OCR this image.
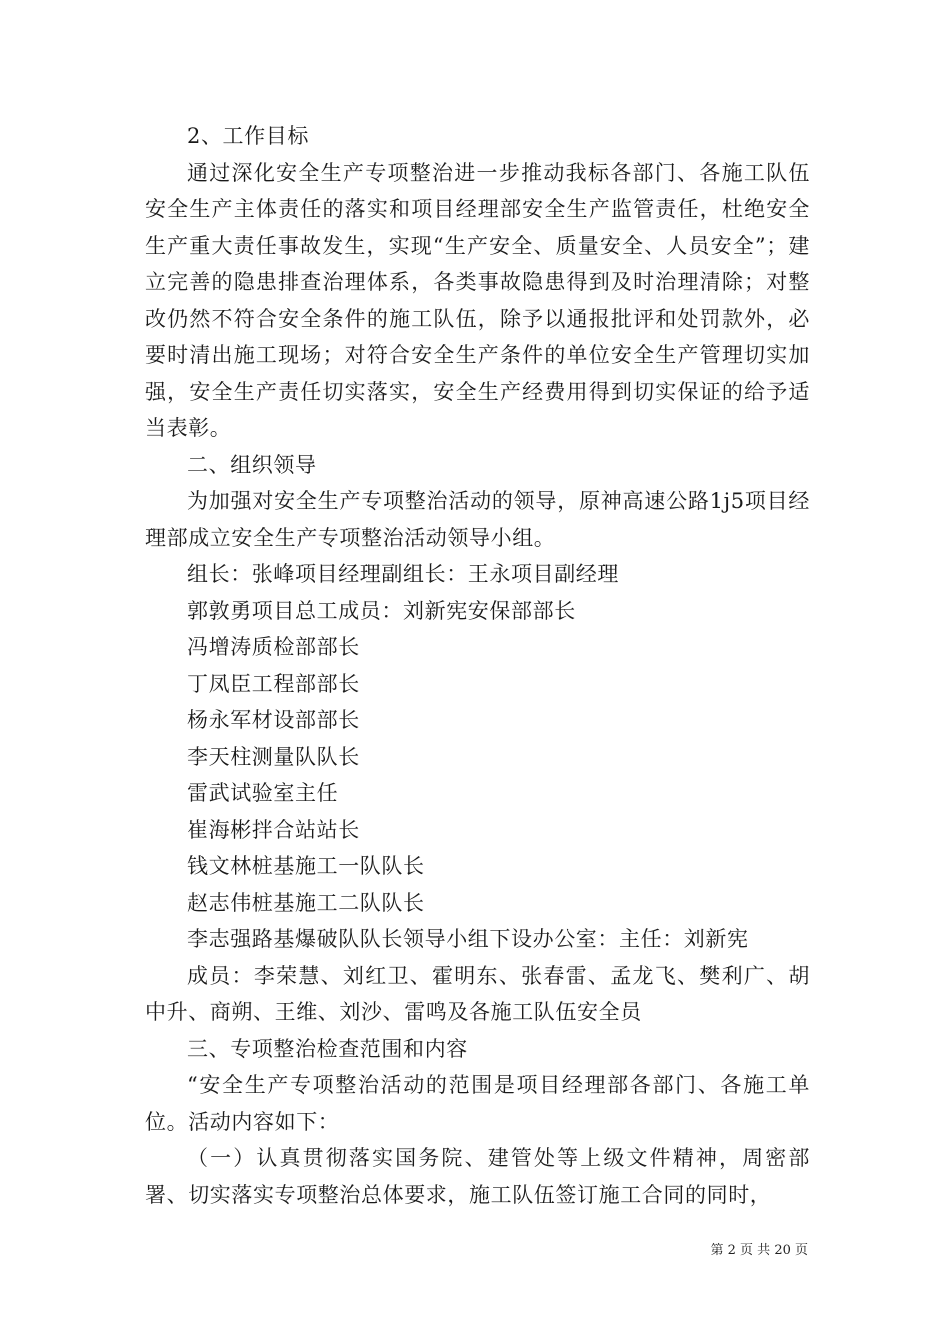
2、工作目标

通过深化安全生产专项整治进一步推动我标各部门、各施工队伍安全生产主体责任的落实和项目经理部安全生产监管责任，杜绝安全生产重大责任事故发生，实现“生产安全、质量安全、人员安全”；建立完善的隐患排查治理体系，各类事故隐患得到及时治理清除；对整改仍然不符合安全条件的施工队伍，除予以通报批评和处罚款外，必要时清出施工现场；对符合安全生产条件的单位安全生产管理切实加强，安全生产责任切实落实，安全生产经费用得到切实保证的给予适当表彰。

二、组织领导

为加强对安全生产专项整治活动的领导，原神高速公路1j5项目经理部成立安全生产专项整治活动领导小组。

组长：张峰项目经理副组长：王永项目副经理

郭敦勇项目总工成员：刘新宪安保部部长

冯增涛质检部部长

丁凤臣工程部部长

杨永军材设部部长

李天柱测量队队长

雷武试验室主任

崔海彬拌合站站长

钱文林桩基施工一队队长

赵志伟桩基施工二队队长

李志强路基爆破队队长领导小组下设办公室：主任：刘新宪

成员：李荣慧、刘红卫、霍明东、张春雷、孟龙飞、樊利广、胡中升、商朔、王维、刘沙、雷鸣及各施工队伍安全员

三、专项整治检查范围和内容

“安全生产专项整治活动的范围是项目经理部各部门、各施工单位。活动内容如下：

（一）认真贯彻落实国务院、建管处等上级文件精神，周密部署、切实落实专项整治总体要求，施工队伍签订施工合同的同时，

第 2 页 共 20 页
